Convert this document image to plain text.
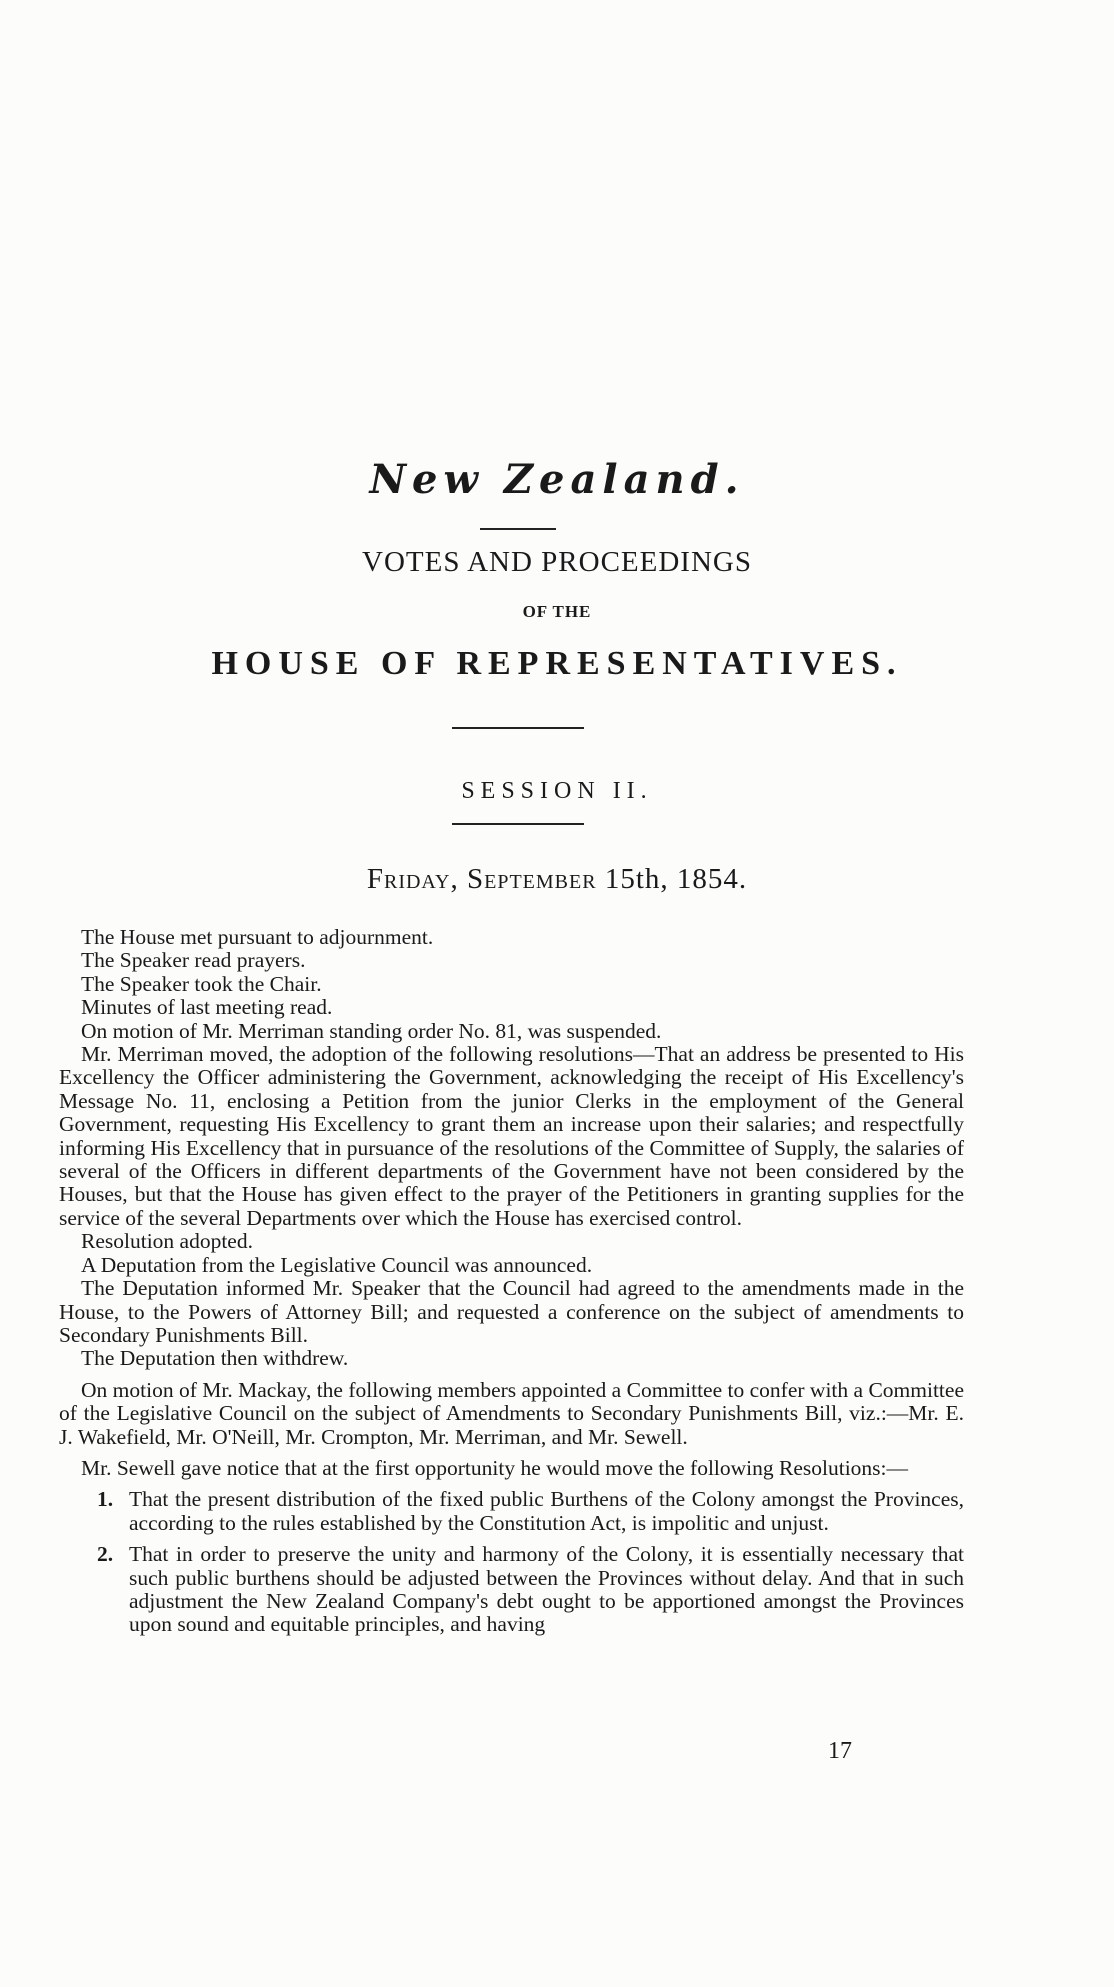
New Zealand.
VOTES AND PROCEEDINGS
OF THE
HOUSE OF REPRESENTATIVES.
SESSION II.
Friday, September 15th, 1854.

The House met pursuant to adjournment.

The Speaker read prayers.

The Speaker took the Chair.

Minutes of last meeting read.

On motion of Mr. Merriman standing order No. 81, was suspended.

Mr. Merriman moved, the adoption of the following resolutions—That an address be presented to His Excellency the Officer administering the Government, acknowledging the receipt of His Excellency's Message No. 11, enclosing a Petition from the junior Clerks in the employment of the General Government, requesting His Excellency to grant them an increase upon their salaries; and respectfully informing His Excellency that in pursuance of the resolutions of the Committee of Supply, the salaries of several of the Officers in different departments of the Government have not been considered by the Houses, but that the House has given effect to the prayer of the Petitioners in granting supplies for the service of the several Departments over which the House has exercised control.

Resolution adopted.

A Deputation from the Legislative Council was announced.

The Deputation informed Mr. Speaker that the Council had agreed to the amendments made in the House, to the Powers of Attorney Bill; and requested a conference on the subject of amendments to Secondary Punishments Bill.

The Deputation then withdrew.

On motion of Mr. Mackay, the following members appointed a Committee to confer with a Committee of the Legislative Council on the subject of Amendments to Secondary Punishments Bill, viz.:—Mr. E. J. Wakefield, Mr. O'Neill, Mr. Crompton, Mr. Merriman, and Mr. Sewell.

Mr. Sewell gave notice that at the first opportunity he would move the following Resolutions:—

1. That the present distribution of the fixed public Burthens of the Colony amongst the Provinces, according to the rules established by the Constitution Act, is impolitic and unjust.
2. That in order to preserve the unity and harmony of the Colony, it is essentially necessary that such public burthens should be adjusted between the Provinces without delay. And that in such adjustment the New Zealand Company's debt ought to be apportioned amongst the Provinces upon sound and equitable principles, and having
17
